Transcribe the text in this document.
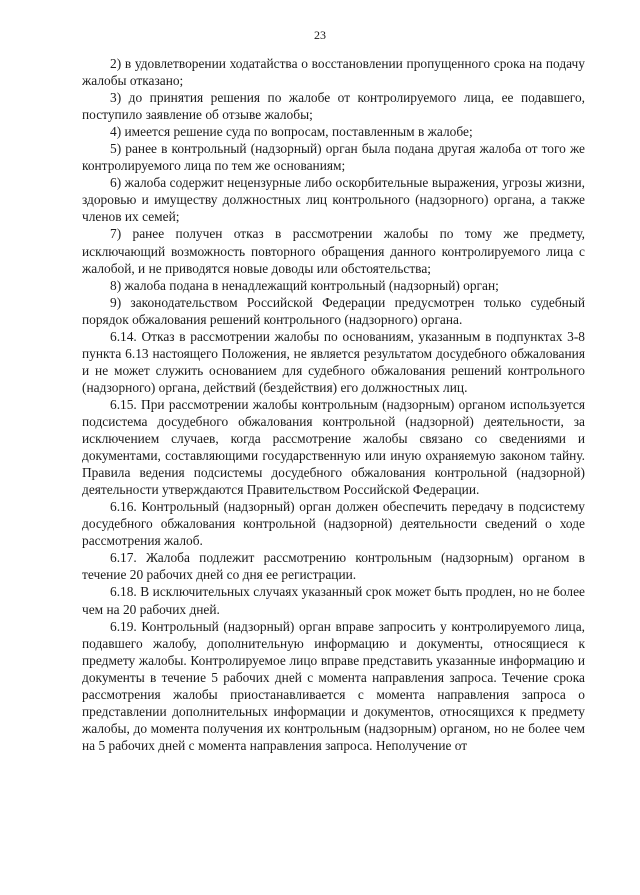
23

2) в удовлетворении ходатайства о восстановлении пропущенного срока на подачу жалобы отказано;

3) до принятия решения по жалобе от контролируемого лица, ее подавшего, поступило заявление об отзыве жалобы;

4) имеется решение суда по вопросам, поставленным в жалобе;

5) ранее в контрольный (надзорный) орган была подана другая жалоба от того же контролируемого лица по тем же основаниям;

6) жалоба содержит нецензурные либо оскорбительные выражения, угрозы жизни, здоровью и имуществу должностных лиц контрольного (надзорного) органа, а также членов их семей;

7) ранее получен отказ в рассмотрении жалобы по тому же предмету, исключающий возможность повторного обращения данного контролируемого лица с жалобой, и не приводятся новые доводы или обстоятельства;

8) жалоба подана в ненадлежащий контрольный (надзорный) орган;

9) законодательством Российской Федерации предусмотрен только судебный порядок обжалования решений контрольного (надзорного) органа.

6.14. Отказ в рассмотрении жалобы по основаниям, указанным в подпунктах 3-8 пункта 6.13 настоящего Положения, не является результатом досудебного обжалования и не может служить основанием для судебного обжалования решений контрольного (надзорного) органа, действий (бездействия) его должностных лиц.

6.15. При рассмотрении жалобы контрольным (надзорным) органом используется подсистема досудебного обжалования контрольной (надзорной) деятельности, за исключением случаев, когда рассмотрение жалобы связано со сведениями и документами, составляющими государственную или иную охраняемую законом тайну. Правила ведения подсистемы досудебного обжалования контрольной (надзорной) деятельности утверждаются Правительством Российской Федерации.

6.16. Контрольный (надзорный) орган должен обеспечить передачу в подсистему досудебного обжалования контрольной (надзорной) деятельности сведений о ходе рассмотрения жалоб.

6.17. Жалоба подлежит рассмотрению контрольным (надзорным) органом в течение 20 рабочих дней со дня ее регистрации.

6.18. В исключительных случаях указанный срок может быть продлен, но не более чем на 20 рабочих дней.

6.19. Контрольный (надзорный) орган вправе запросить у контролируемого лица, подавшего жалобу, дополнительную информацию и документы, относящиеся к предмету жалобы. Контролируемое лицо вправе представить указанные информацию и документы в течение 5 рабочих дней с момента направления запроса. Течение срока рассмотрения жалобы приостанавливается с момента направления запроса о представлении дополнительных информации и документов, относящихся к предмету жалобы, до момента получения их контрольным (надзорным) органом, но не более чем на 5 рабочих дней с момента направления запроса. Неполучение от
